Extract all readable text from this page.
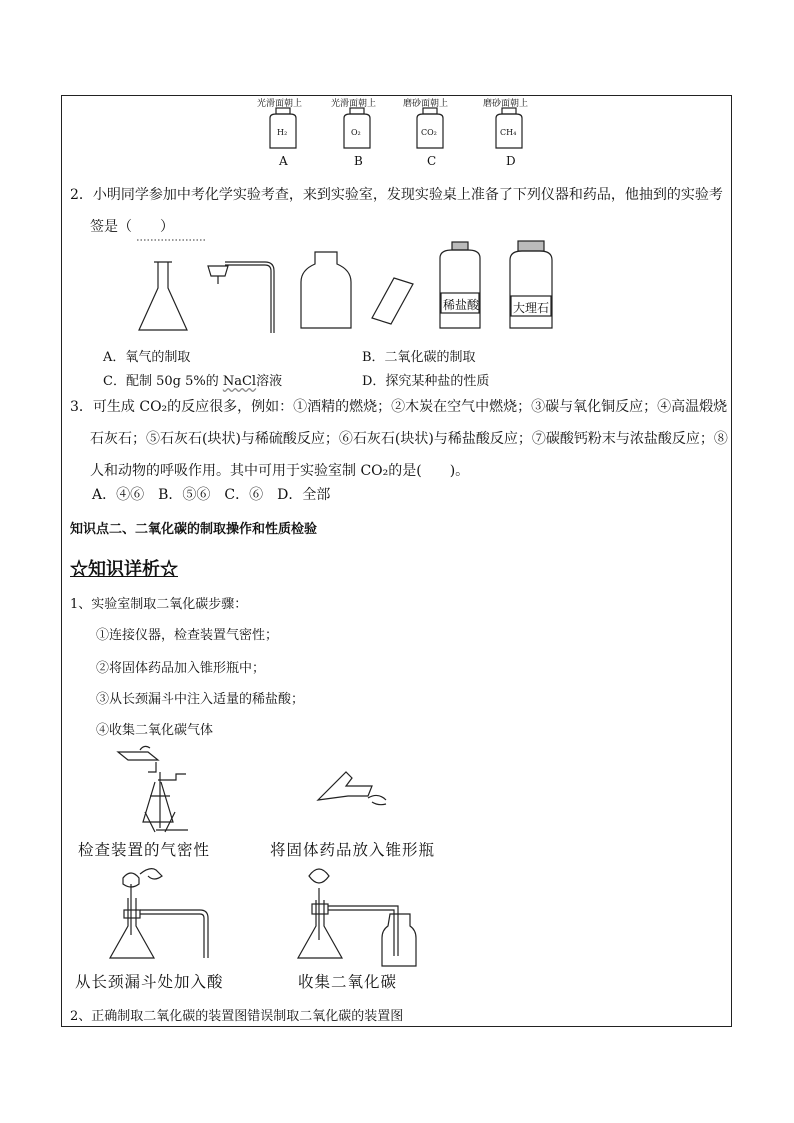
光滑面朝上	光滑面朝上	磨砂面朝上	磨砂面朝上
H₂	O₂	CO₂	CH₄
A	B	C	D
2．小明同学参加中考化学实验考查，来到实验室，发现实验桌上准备了下列仪器和药品，他抽到的实验考
签是（　　）
稀盐酸	大理石
A．氧气的制取	B．二氧化碳的制取
C．配制 50g 5%的 NaCl溶液	D．探究某种盐的性质
3．可生成 CO₂的反应很多，例如：①酒精的燃烧；②木炭在空气中燃烧；③碳与氧化铜反应；④高温煅烧
石灰石；⑤石灰石(块状)与稀硫酸反应；⑥石灰石(块状)与稀盐酸反应；⑦碳酸钙粉末与浓盐酸反应；⑧
人和动物的呼吸作用。其中可用于实验室制 CO₂的是(　　)。
A．④⑥　B．⑤⑥　C．⑥　D．全部
知识点二、二氧化碳的制取操作和性质检验
☆知识详析☆
1、实验室制取二氧化碳步骤：
①连接仪器，检查装置气密性；
②将固体药品加入锥形瓶中；
③从长颈漏斗中注入适量的稀盐酸；
④收集二氧化碳气体
检查装置的气密性	将固体药品放入锥形瓶
从长颈漏斗处加入酸	收集二氧化碳
2、正确制取二氧化碳的装置图错误制取二氧化碳的装置图
